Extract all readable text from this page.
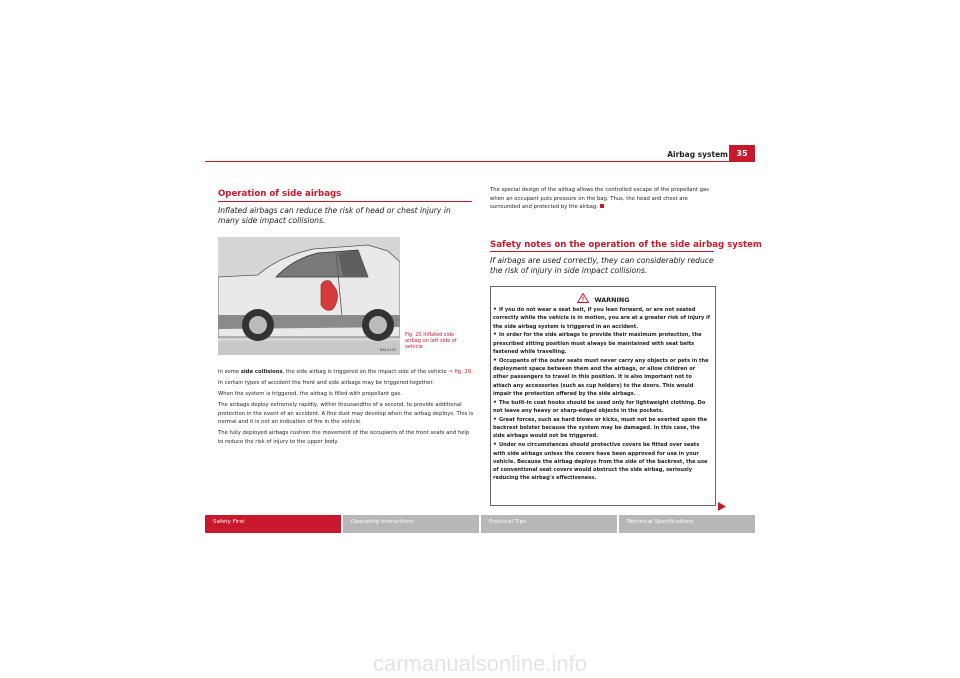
Airbag system	35
Operation of side airbags
Inflated airbags can reduce the risk of head or chest injury in many side impact collisions.
B6J-0135
Fig. 20 Inflated side airbag on left side of vehicle

In some side collisions, the side airbag is triggered on the impact side of the vehicle ⇒ fig. 20.

In certain types of accident the front and side airbags may be triggered together.

When the system is triggered, the airbag is filled with propellant gas.

The airbags deploy extremely rapidly, within thousandths of a second, to provide additional protection in the event of an accident. A fine dust may develop when the airbag deploys. This is normal and it is not an indication of fire in the vehicle.

The fully deployed airbags cushion the movement of the occupants of the front seats and help to reduce the risk of injury to the upper body.

The special design of the airbag allows the controlled escape of the propellant gas when an occupant puts pressure on the bag. Thus, the head and chest are surrounded and protected by the airbag.

Safety notes on the operation of the side airbag system
If airbags are used correctly, they can considerably reduce the risk of injury in side impact collisions.
WARNING
• If you do not wear a seat belt, if you lean forward, or are not seated correctly while the vehicle is in motion, you are at a greater risk of injury if the side airbag system is triggered in an accident.
• In order for the side airbags to provide their maximum protection, the prescribed sitting position must always be maintained with seat belts fastened while travelling.
• Occupants of the outer seats must never carry any objects or pets in the deployment space between them and the airbags, or allow children or other passengers to travel in this position. It is also important not to attach any accessories (such as cup holders) to the doors. This would impair the protection offered by the side airbags.
• The built-in coat hooks should be used only for lightweight clothing. Do not leave any heavy or sharp-edged objects in the pockets.
• Great forces, such as hard blows or kicks, must not be exerted upon the backrest bolster because the system may be damaged. In this case, the side airbags would not be triggered.
• Under no circumstances should protective covers be fitted over seats with side airbags unless the covers have been approved for use in your vehicle. Because the airbag deploys from the side of the backrest, the use of conventional seat covers would obstruct the side airbag, seriously reducing the airbag's effectiveness.
Safety First	Operating Instructions	Practical Tips	Technical Specifications
carmanualsonline.info
